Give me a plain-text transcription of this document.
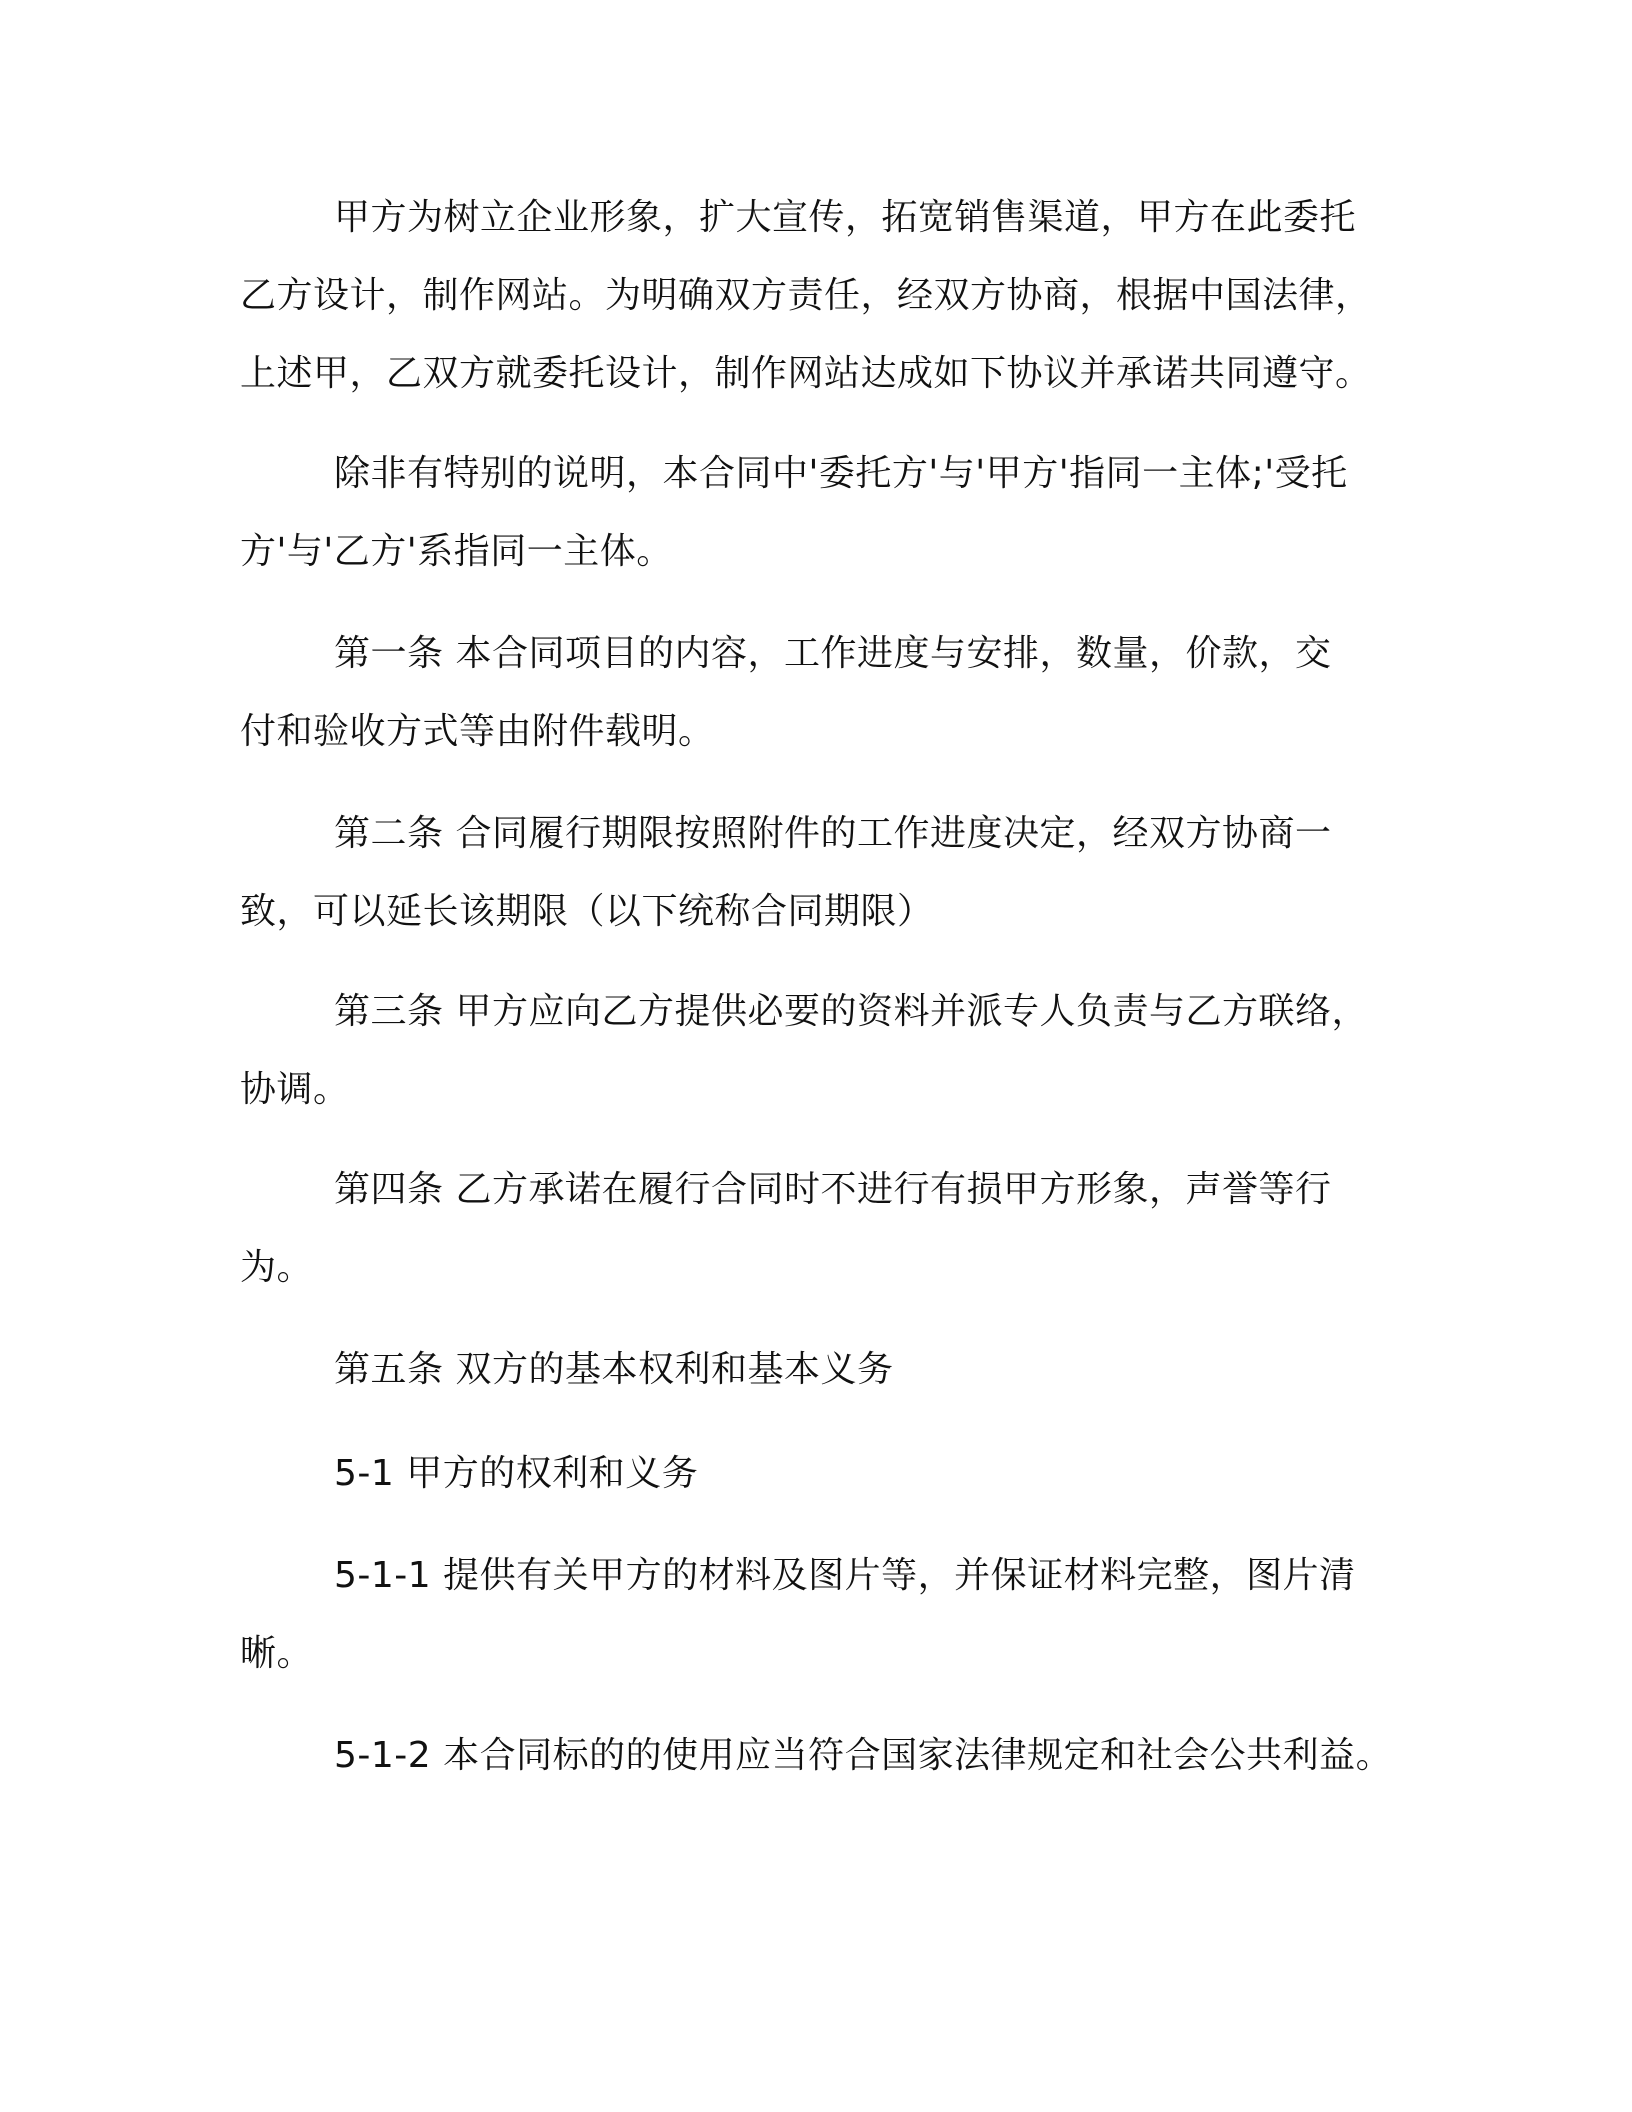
甲方为树立企业形象，扩大宣传，拓宽销售渠道，甲方在此委托
乙方设计，制作网站。为明确双方责任，经双方协商，根据中国法律，
上述甲，乙双方就委托设计，制作网站达成如下协议并承诺共同遵守。
除非有特别的说明，本合同中'委托方'与'甲方'指同一主体;'受托
方'与'乙方'系指同一主体。
第一条 本合同项目的内容，工作进度与安排，数量，价款，交
付和验收方式等由附件载明。
第二条 合同履行期限按照附件的工作进度决定，经双方协商一
致，可以延长该期限（以下统称合同期限）
第三条 甲方应向乙方提供必要的资料并派专人负责与乙方联络，
协调。
第四条 乙方承诺在履行合同时不进行有损甲方形象，声誉等行
为。
第五条 双方的基本权利和基本义务
5-1 甲方的权利和义务
5-1-1 提供有关甲方的材料及图片等，并保证材料完整，图片清
晰。
5-1-2 本合同标的的使用应当符合国家法律规定和社会公共利益。
